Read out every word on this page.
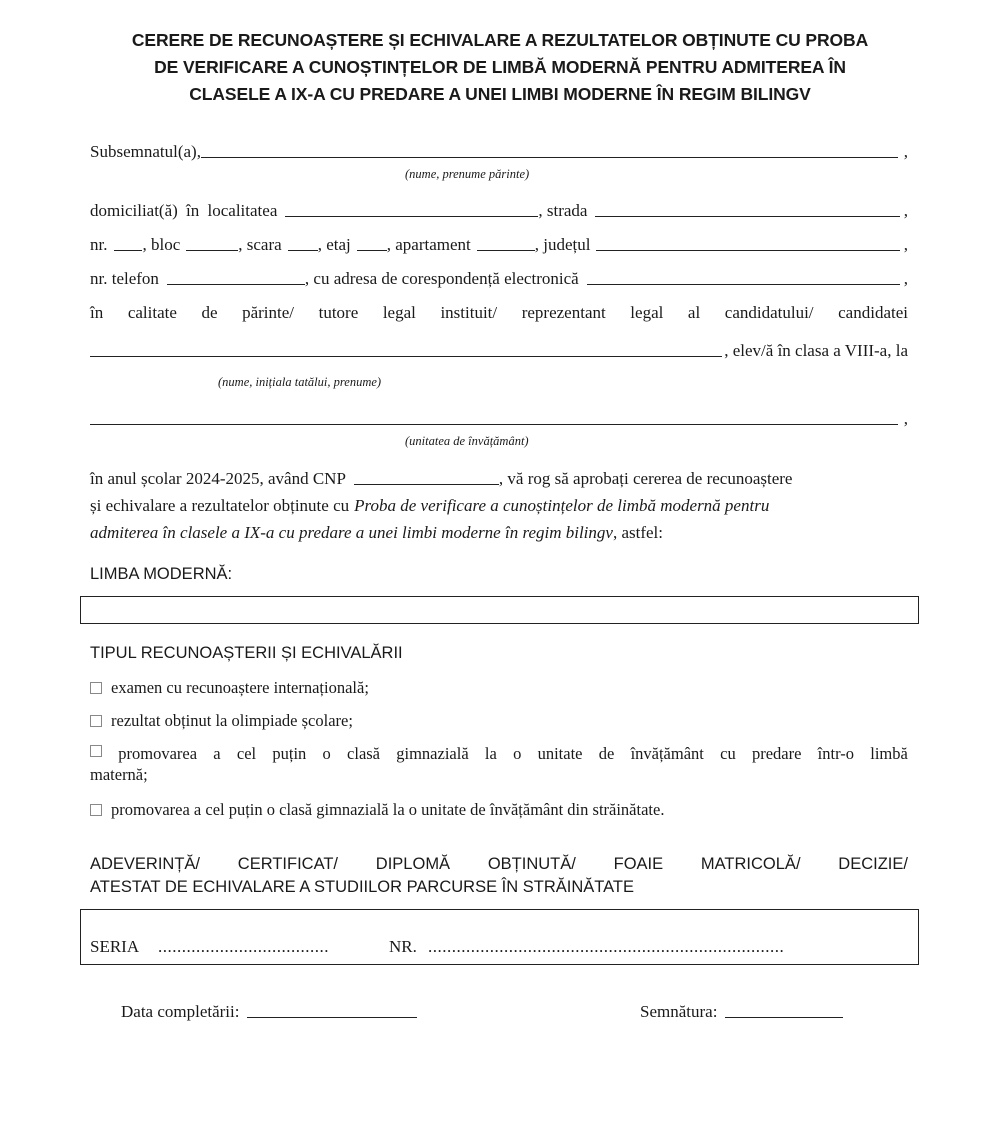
CERERE DE RECUNOAȘTERE ȘI ECHIVALARE A REZULTATELOR OBȚINUTE CU PROBA
DE VERIFICARE A CUNOȘTINȚELOR DE LIMBĂ MODERNĂ PENTRU ADMITEREA ÎN
CLASELE A IX-A CU PREDARE A UNEI LIMBI MODERNE ÎN REGIM BILINGV
Subsemnatul(a),	,
(nume, prenume părinte)
domiciliat(ă) în localitatea	, strada	,
nr. , bloc	, scara , etaj , apartament	, județul	,
nr. telefon	, cu adresa de corespondență electronică	,
în calitate de părinte/ tutore legal instituit/ reprezentant legal al candidatului/ candidatei
, elev/ă în clasa a VIII-a, la
(nume, inițiala tatălui, prenume)
,
(unitatea de învățământ)
în anul școlar 2024-2025, având CNP	, vă rog să aprobați cererea de recunoaștere
și echivalare a rezultatelor obținute cu Proba de verificare a cunoștințelor de limbă modernă pentru
admiterea în clasele a IX-a cu predare a unei limbi moderne în regim bilingv , astfel:
LIMBA MODERNĂ:
TIPUL RECUNOAȘTERII ȘI ECHIVALĂRII
examen cu recunoaștere internațională;
rezultat obținut la olimpiade școlare;
promovarea a cel puțin o clasă gimnazială la o unitate de învățământ cu predare într-o limbă
maternă;
promovarea a cel puțin o clasă gimnazială la o unitate de învățământ din străinătate.
ADEVERINȚĂ/ CERTIFICAT/ DIPLOMĂ OBȚINUTĂ/ FOAIE MATRICOLĂ/ DECIZIE/
ATESTAT DE ECHIVALARE A STUDIILOR PARCURSE ÎN STRĂINĂTATE
SERIA ....................................	NR. ...........................................................................
Data completării:	Semnătura:
